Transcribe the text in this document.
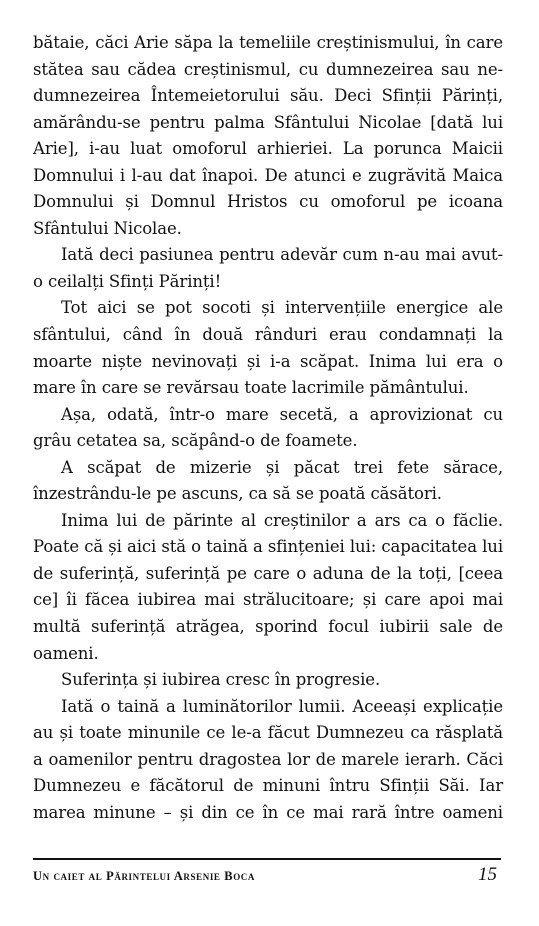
bătaie, căci Arie săpa la temeliile creștinismului, în care stătea sau cădea creștinismul, cu dumnezeirea sau ne-dumnezeirea Întemeietorului său. Deci Sfinții Părinți, amărându-se pentru palma Sfântului Nicolae [dată lui Arie], i-au luat omoforul arhieriei. La porunca Maicii Domnului i l-au dat înapoi. De atunci e zugrăvită Maica Domnului și Domnul Hristos cu omoforul pe icoana Sfântului Nicolae.

Iată deci pasiunea pentru adevăr cum n-au mai avut-o ceilalți Sfinți Părinți!

Tot aici se pot socoti și intervențiile energice ale sfântului, când în două rânduri erau condamnați la moarte niște nevinovați și i-a scăpat. Inima lui era o mare în care se revărsau toate lacrimile pământului.

Așa, odată, într-o mare secetă, a aprovizionat cu grâu cetatea sa, scăpând-o de foamete.

A scăpat de mizerie și păcat trei fete sărace, înzestrându-le pe ascuns, ca să se poată căsători.

Inima lui de părinte al creștinilor a ars ca o făclie. Poate că și aici stă o taină a sfințeniei lui: capacitatea lui de suferință, suferință pe care o aduna de la toți, [ceea ce] îi făcea iubirea mai strălucitoare; și care apoi mai multă suferință atrăgea, sporind focul iubirii sale de oameni.

Suferința și iubirea cresc în progresie.

Iată o taină a luminătorilor lumii. Aceeași explicație au și toate minunile ce le-a făcut Dumnezeu ca răsplată a oamenilor pentru dragostea lor de marele ierarh. Căci Dumnezeu e făcătorul de minuni întru Sfinții Săi. Iar marea minune – și din ce în ce mai rară între oameni

Un caiet al Părintelui Arsenie Boca	15
